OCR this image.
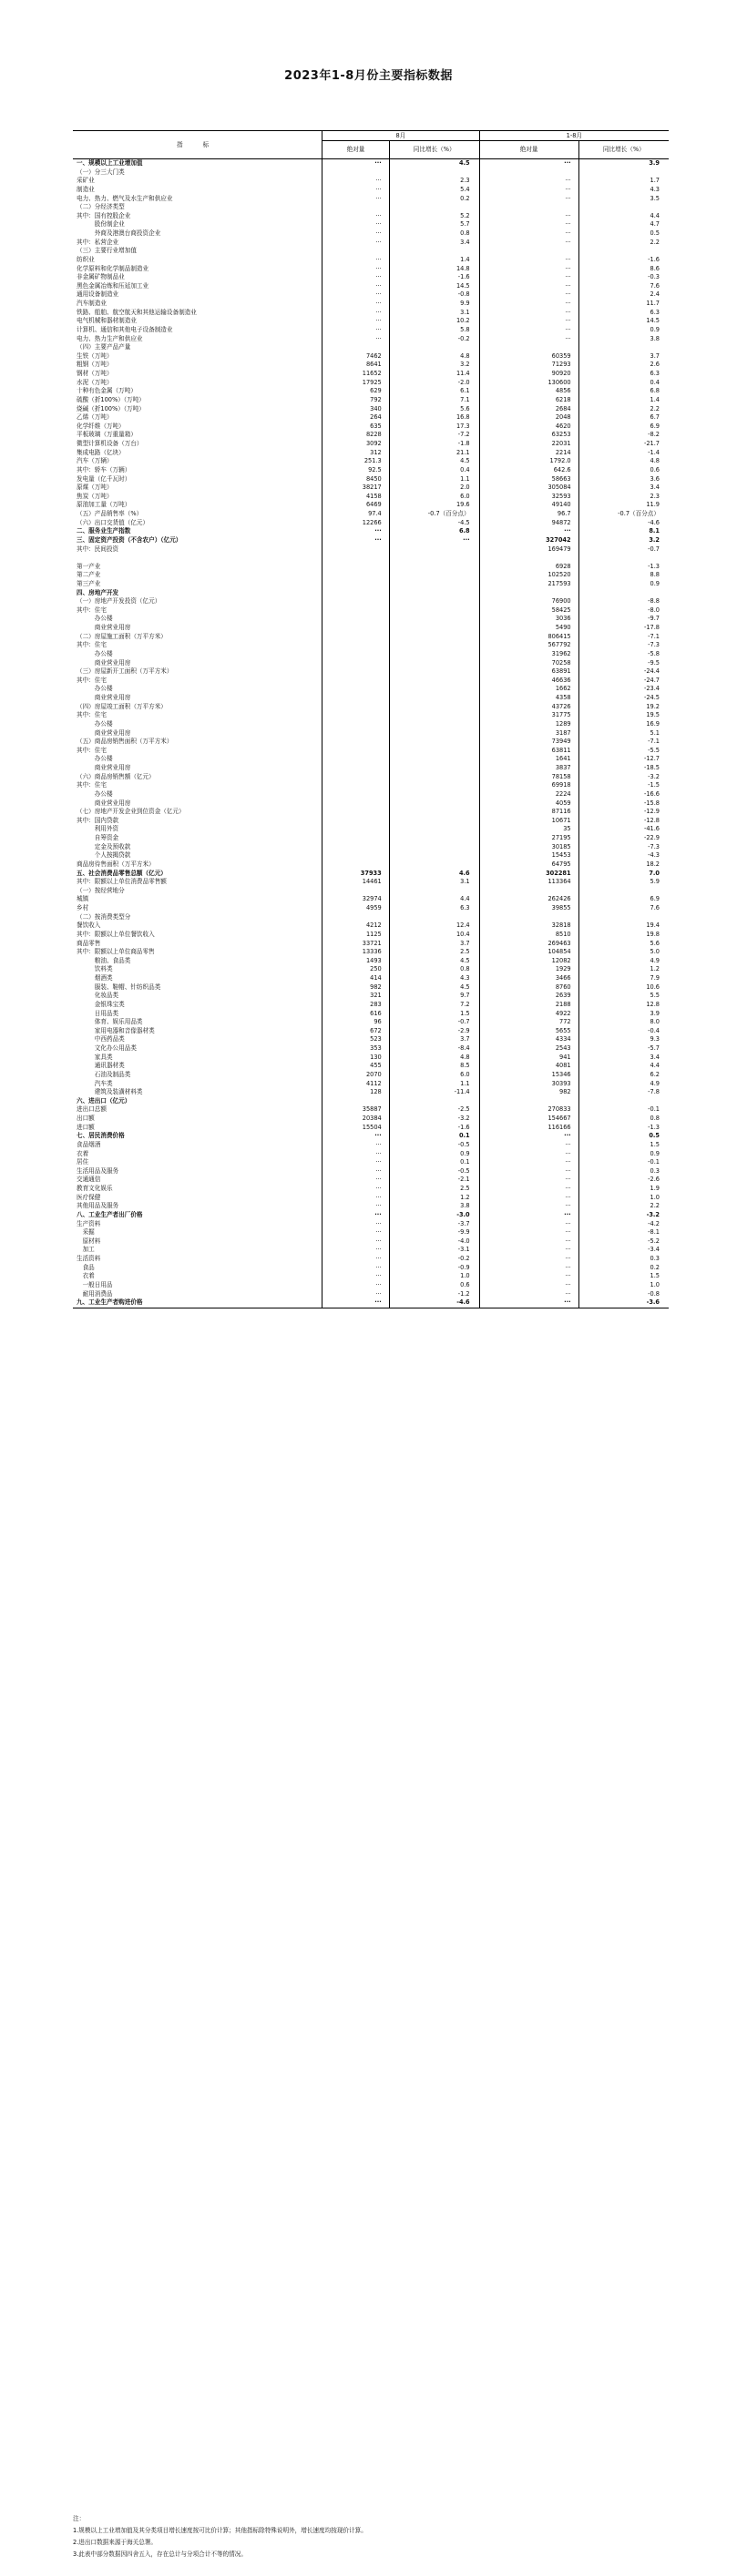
2023年1-8月份主要指标数据
指 标	8月		1-8月	
	绝对量	同比增长（%）	绝对量	同比增长（%）
一、规模以上工业增加值	···	4.5	···	3.9
（一）分三大门类				
采矿业	···	2.3	···	1.7
制造业	···	5.4	···	4.3
电力、热力、燃气及水生产和供应业	···	0.2	···	3.5
（二）分经济类型				
其中：国有控股企业	···	5.2	···	4.4
　　　股份制企业	···	5.7	···	4.7
　　　外商及港澳台商投资企业	···	0.8	···	0.5
其中：私营企业	···	3.4	···	2.2
（三）主要行业增加值				
纺织业	···	1.4	···	-1.6
化学原料和化学制品制造业	···	14.8	···	8.6
非金属矿物制品业	···	-1.6	···	-0.3
黑色金属冶炼和压延加工业	···	14.5	···	7.6
通用设备制造业	···	-0.8	···	2.4
汽车制造业	···	9.9	···	11.7
铁路、船舶、航空航天和其他运输设备制造业	···	3.1	···	6.3
电气机械和器材制造业	···	10.2	···	14.5
计算机、通信和其他电子设备制造业	···	5.8	···	0.9
电力、热力生产和供应业	···	-0.2	···	3.8
（四）主要产品产量				
生铁（万吨）	7462	4.8	60359	3.7
粗钢（万吨）	8641	3.2	71293	2.6
钢材（万吨）	11652	11.4	90920	6.3
水泥（万吨）	17925	-2.0	130600	0.4
十种有色金属（万吨）	629	6.1	4856	6.8
硫酸（折100%）（万吨）	792	7.1	6218	1.4
烧碱（折100%）（万吨）	340	5.6	2684	2.2
乙烯（万吨）	264	16.8	2048	6.7
化学纤维（万吨）	635	17.3	4620	6.9
平板玻璃（万重量箱）	8228	-7.2	63253	-8.2
微型计算机设备（万台）	3092	-1.8	22031	-21.7
集成电路（亿块）	312	21.1	2214	-1.4
汽车（万辆）	251.3	4.5	1792.0	4.8
其中：轿车（万辆）	92.5	0.4	642.6	0.6
发电量（亿千瓦时）	8450	1.1	58663	3.6
原煤（万吨）	38217	2.0	305084	3.4
焦炭（万吨）	4158	6.0	32593	2.3
原油加工量（万吨）	6469	19.6	49140	11.9
（五）产品销售率（%）	97.4	-0.7（百分点）	96.7	-0.7（百分点）
（六）出口交货值（亿元）	12266	-4.5	94872	-4.6
二、服务业生产指数	···	6.8	···	8.1
三、固定资产投资（不含农户）（亿元）	···	···	327042	3.2
其中：民间投资			169479	-0.7

第一产业			6928	-1.3
第二产业			102520	8.8
第三产业			217593	0.9
四、房地产开发				
（一）房地产开发投资（亿元）			76900	-8.8
其中：住宅			58425	-8.0
　　　办公楼			3036	-9.7
　　　商业营业用房			5490	-17.8
（二）房屋施工面积（万平方米）			806415	-7.1
其中：住宅			567792	-7.3
　　　办公楼			31962	-5.8
　　　商业营业用房			70258	-9.5
（三）房屋新开工面积（万平方米）			63891	-24.4
其中：住宅			46636	-24.7
　　　办公楼			1662	-23.4
　　　商业营业用房			4358	-24.5
（四）房屋竣工面积（万平方米）			43726	19.2
其中：住宅			31775	19.5
　　　办公楼			1289	16.9
　　　商业营业用房			3187	5.1
（五）商品房销售面积（万平方米）			73949	-7.1
其中：住宅			63811	-5.5
　　　办公楼			1641	-12.7
　　　商业营业用房			3837	-18.5
（六）商品房销售额（亿元）			78158	-3.2
其中：住宅			69918	-1.5
　　　办公楼			2224	-16.6
　　　商业营业用房			4059	-15.8
（七）房地产开发企业到位资金（亿元）			87116	-12.9
其中：国内贷款			10671	-12.8
　　　利用外资			35	-41.6
　　　自筹资金			27195	-22.9
　　　定金及预收款			30185	-7.3
　　　个人按揭贷款			15453	-4.3
商品房待售面积（万平方米）			64795	18.2
五、社会消费品零售总额（亿元）	37933	4.6	302281	7.0
其中：限额以上单位消费品零售额	14461	3.1	113364	5.9
（一）按经营地分				
城镇	32974	4.4	262426	6.9
乡村	4959	6.3	39855	7.6
（二）按消费类型分				
餐饮收入	4212	12.4	32818	19.4
其中：限额以上单位餐饮收入	1125	10.4	8510	19.8
商品零售	33721	3.7	269463	5.6
其中：限额以上单位商品零售	13336	2.5	104854	5.0
　　　粮油、食品类	1493	4.5	12082	4.9
　　　饮料类	250	0.8	1929	1.2
　　　烟酒类	414	4.3	3466	7.9
　　　服装、鞋帽、针纺织品类	982	4.5	8760	10.6
　　　化妆品类	321	9.7	2639	5.5
　　　金银珠宝类	283	7.2	2188	12.8
　　　日用品类	616	1.5	4922	3.9
　　　体育、娱乐用品类	96	-0.7	772	8.0
　　　家用电器和音像器材类	672	-2.9	5655	-0.4
　　　中西药品类	523	3.7	4334	9.3
　　　文化办公用品类	353	-8.4	2543	-5.7
　　　家具类	130	4.8	941	3.4
　　　通讯器材类	455	8.5	4081	4.4
　　　石油及制品类	2070	6.0	15346	6.2
　　　汽车类	4112	1.1	30393	4.9
　　　建筑及装潢材料类	128	-11.4	982	-7.8
六、进出口（亿元）				
进出口总额	35887	-2.5	270833	-0.1
出口额	20384	-3.2	154667	0.8
进口额	15504	-1.6	116166	-1.3
七、居民消费价格	···	0.1	···	0.5
食品烟酒	···	-0.5	···	1.5
衣着	···	0.9	···	0.9
居住	···	0.1	···	-0.1
生活用品及服务	···	-0.5	···	0.3
交通通信	···	-2.1	···	-2.6
教育文化娱乐	···	2.5	···	1.9
医疗保健	···	1.2	···	1.0
其他用品及服务	···	3.8	···	2.2
八、工业生产者出厂价格	···	-3.0	···	-3.2
生产资料	···	-3.7	···	-4.2
　采掘	···	-9.9	···	-8.1
　原材料	···	-4.0	···	-5.2
　加工	···	-3.1	···	-3.4
生活资料	···	-0.2	···	0.3
　食品	···	-0.9	···	0.2
　衣着	···	1.0	···	1.5
　一般日用品	···	0.6	···	1.0
　耐用消费品	···	-1.2	···	-0.8
九、工业生产者购进价格	···	-4.6	···	-3.6
注：
1.规模以上工业增加值及其分类项目增长速度按可比价计算；其他指标除特殊说明外，增长速度均按现价计算。
2.进出口数据来源于海关总署。
3.此表中部分数据因四舍五入，存在总计与分项合计不等的情况。
